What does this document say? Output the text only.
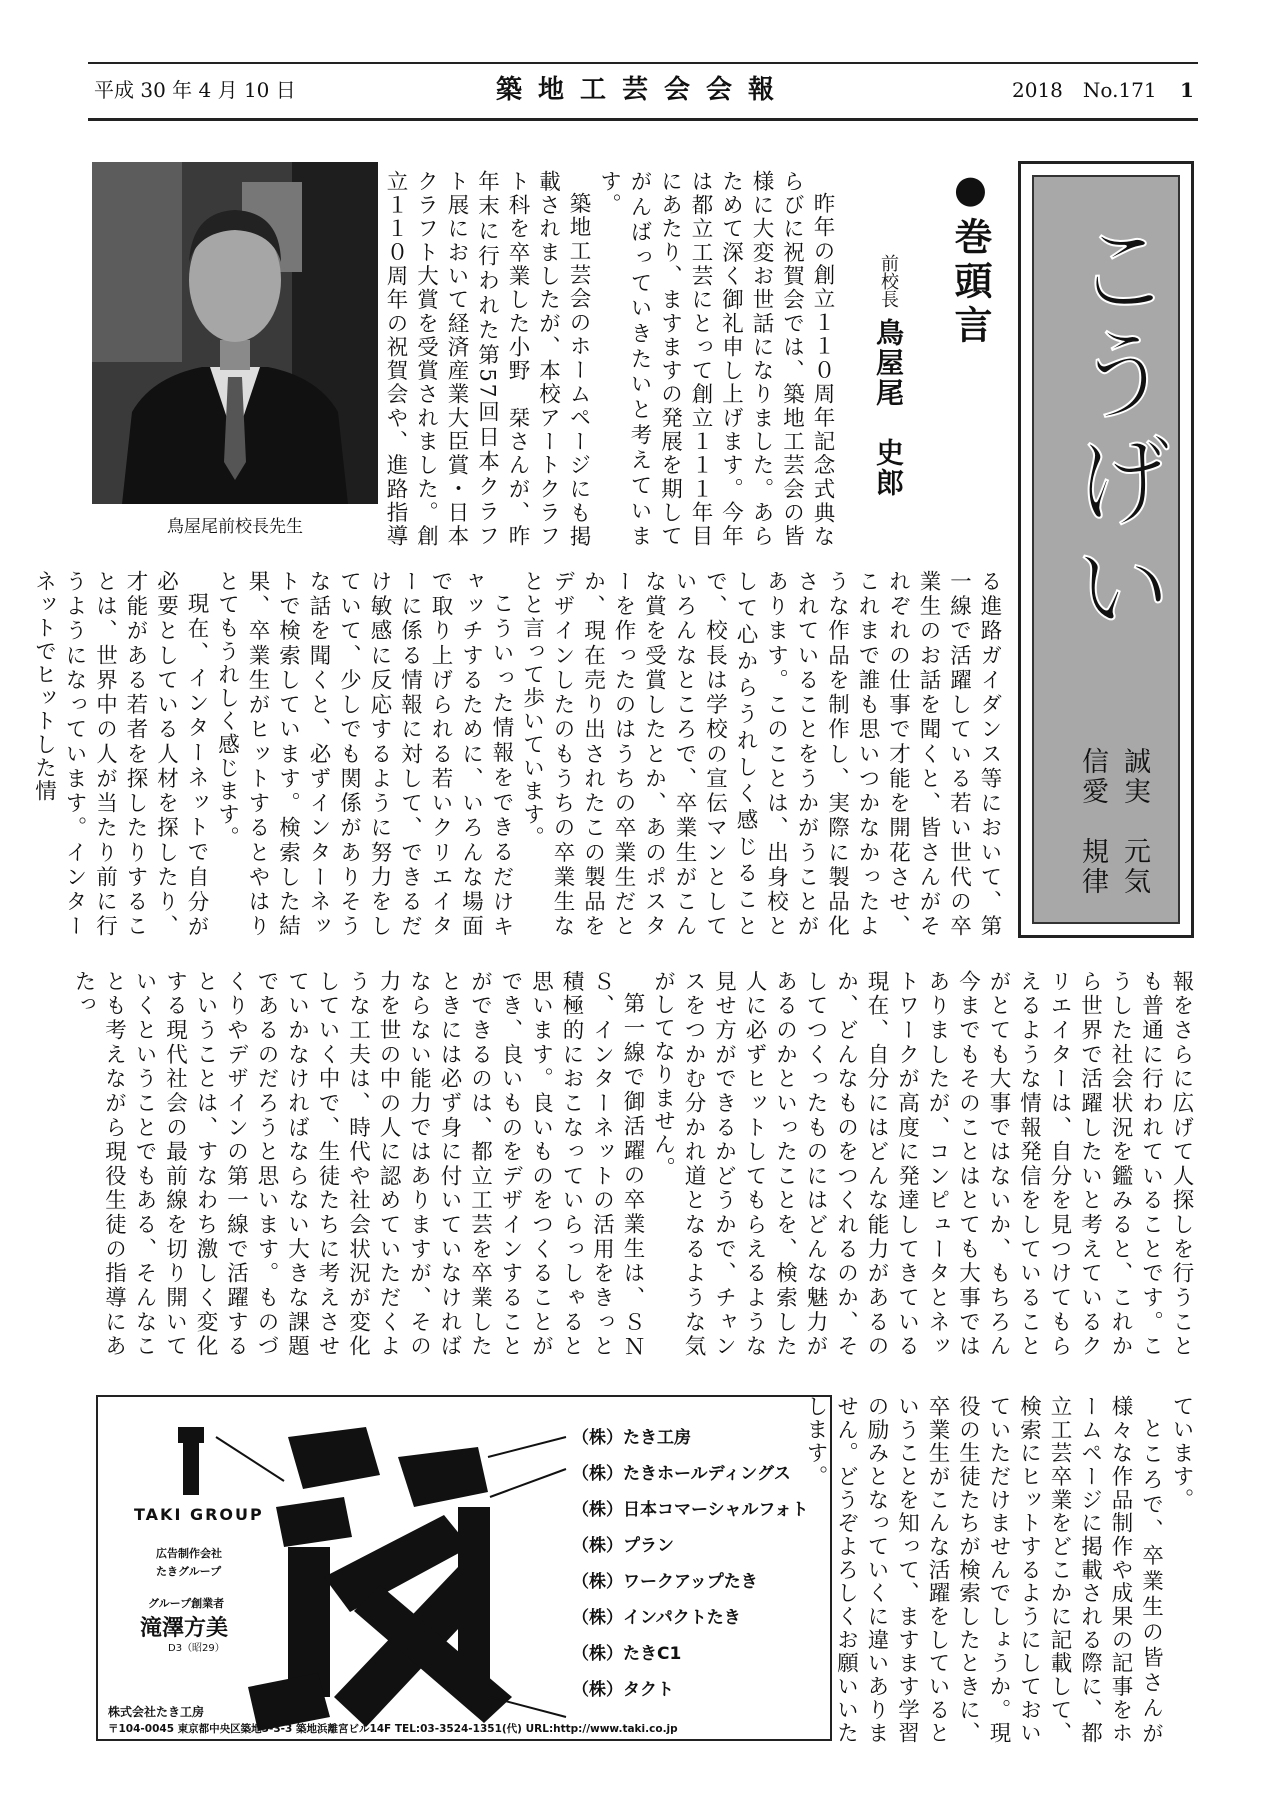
平成 30 年 4 月 10 日	築地工芸会会報	2018　No.171 1
こうげい
誠実　元気
信愛　規律
●巻頭言
前校長
鳥屋尾　史郎

昨年の創立１１０周年記念式典ならびに祝賀会では、築地工芸会の皆様に大変お世話になりました。あらためて深く御礼申し上げます。今年は都立工芸にとって創立１１１年目にあたり、ますますの発展を期してがんばっていきたいと考えています。

築地工芸会のホームページにも掲載されましたが、本校アートクラフト科を卒業した小野　栞さんが、昨年末に行われた第57回日本クラフト展において経済産業大臣賞・日本クラフト大賞を受賞されました。創立１１０周年の祝賀会や、進路指導

る進路ガイダンス等において、第一線で活躍している若い世代の卒業生のお話を聞くと、皆さんがそれぞれの仕事で才能を開花させ、これまで誰も思いつかなかったような作品を制作し、実際に製品化されていることをうかがうことがあります。このことは、出身校として心からうれしく感じることで、校長は学校の宣伝マンとしていろんなところで、卒業生がこんな賞を受賞したとか、あのポスターを作ったのはうちの卒業生だとか、現在売り出されたこの製品をデザインしたのもうちの卒業生なとと言って歩いています。

こういった情報をできるだけキャッチするために、いろんな場面で取り上げられる若いクリエイターに係る情報に対して、できるだけ敏感に反応するように努力をしていて、少しでも関係がありそうな話を聞くと、必ずインターネットで検索しています。検索した結果、卒業生がヒットするとやはりとてもうれしく感じます。

現在、インターネットで自分が必要としている人材を探したり、才能がある若者を探したりすることは、世界中の人が当たり前に行うようになっています。インターネットでヒットした情

報をさらに広げて人探しを行うことも普通に行われていることです。こうした社会状況を鑑みると、これから世界で活躍したいと考えているクリエイターは、自分を見つけてもらえるような情報発信をしていることがとても大事ではないか、もちろん今までもそのことはとても大事ではありましたが、コンピュータとネットワークが高度に発達してきている現在、自分にはどんな能力があるのか、どんなものをつくれるのか、そしてつくったものにはどんな魅力があるのかといったことを、検索した人に必ずヒットしてもらえるような見せ方ができるかどうかで、チャンスをつかむ分かれ道となるような気がしてなりません。

第一線で御活躍の卒業生は、ＳＮＳ、インターネットの活用をきっと積極的におこなっていらっしゃると思います。良いものをつくることができ、良いものをデザインすることができるのは、都立工芸を卒業したときには必ず身に付いていなければならない能力ではありますが、その力を世の中の人に認めていただくような工夫は、時代や社会状況が変化していく中で、生徒たちに考えさせていかなければならない大きな課題であるのだろうと思います。ものづくりやデザインの第一線で活躍するということは、すなわち激しく変化する現代社会の最前線を切り開いていくということでもある、そんなことも考えながら現役生徒の指導にあたっ

ています。

ところで、卒業生の皆さんが様々な作品制作や成果の記事をホームページに掲載される際に、都立工芸卒業をどこかに記載して、検索にヒットするようにしておいていただけませんでしょうか。現役の生徒たちが検索したときに、卒業生がこんな活躍をしているということを知って、ますます学習の励みとなっていくに違いありません。どうぞよろしくお願いいたします。

鳥屋尾前校長先生
TAKI GROUP
広告制作会社
たきグループ
グループ創業者
滝澤方美
D3（昭29）
（株）たき工房
（株）たきホールディングス
（株）日本コマーシャルフォト
（株）プラン
（株）ワークアップたき
（株）インパクトたき
（株）たきC1
（株）タクト
株式会社たき工房
〒104-0045 東京都中央区築地5-3-3 築地浜離宮ビル14F TEL:03-3524-1351(代) URL:http://www.taki.co.jp
